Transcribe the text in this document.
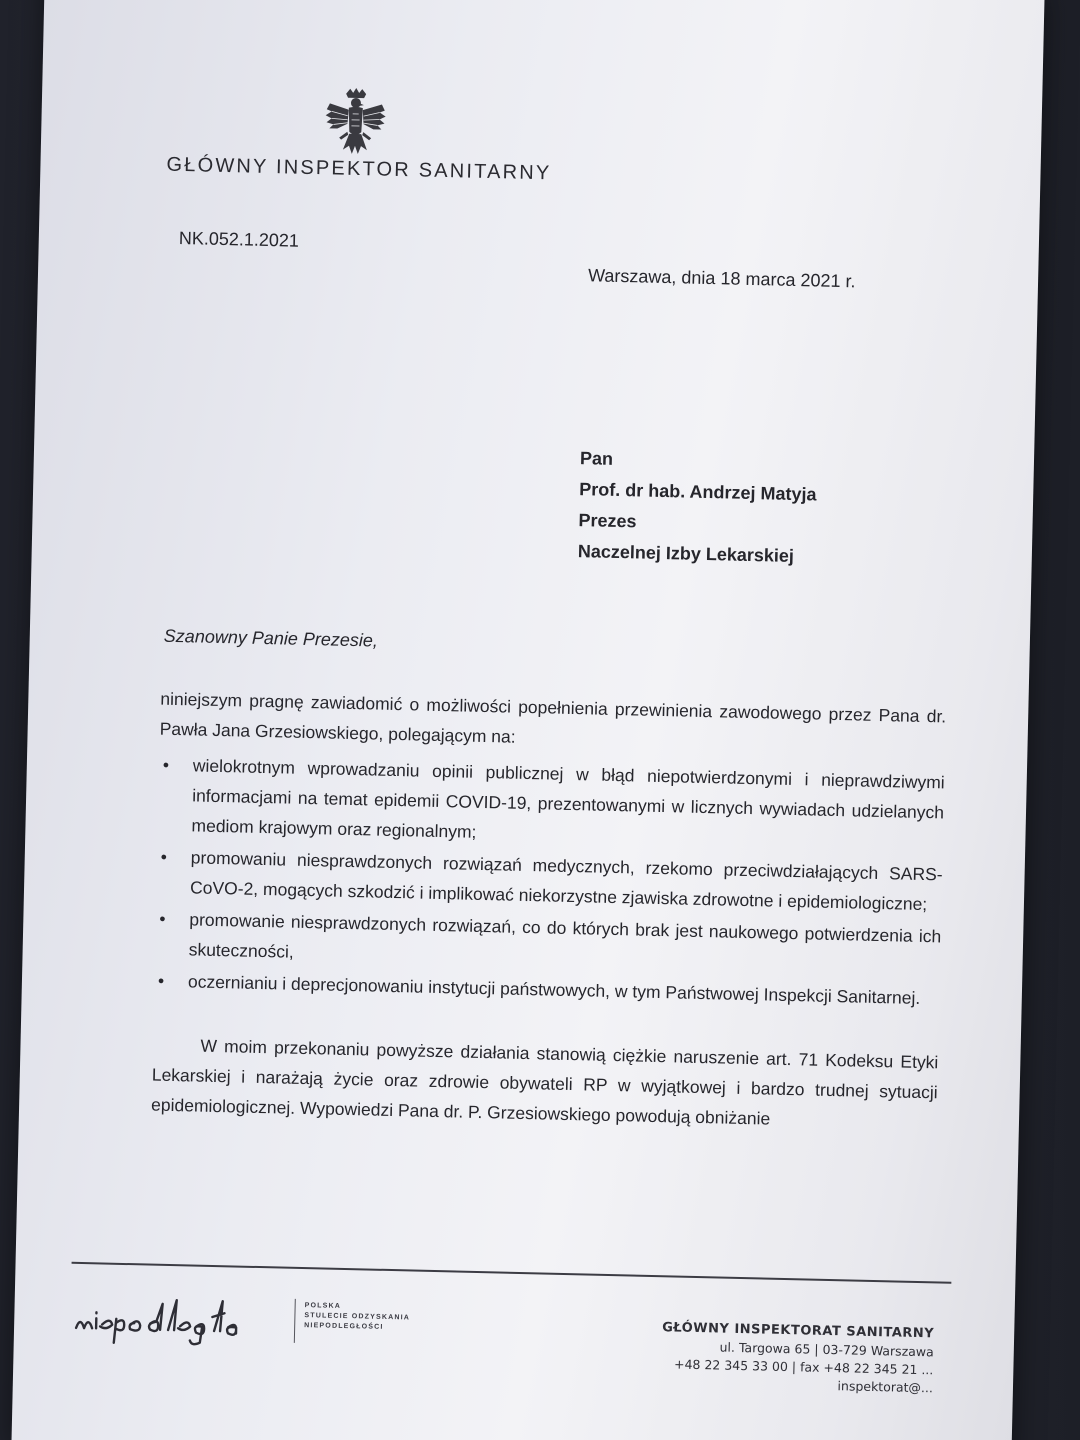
GŁÓWNY INSPEKTOR SANITARNY
NK.052.1.2021
Warszawa, dnia 18 marca 2021 r.
Pan
Prof. dr hab. Andrzej Matyja
Prezes
Naczelnej Izby Lekarskiej
Szanowny Panie Prezesie,
niniejszym pragnę zawiadomić o możliwości popełnienia przewinienia zawodowego przez Pana dr. Pawła Jana Grzesiowskiego, polegającym na:
• wielokrotnym wprowadzaniu opinii publicznej w błąd niepotwierdzonymi i nieprawdziwymi informacjami na temat epidemii COVID-19, prezentowanymi w licznych wywiadach udzielanych mediom krajowym oraz regionalnym;
• promowaniu niesprawdzonych rozwiązań medycznych, rzekomo przeciwdziałających SARS-CoVO-2, mogących szkodzić i implikować niekorzystne zjawiska zdrowotne i epidemiologiczne;
• promowanie niesprawdzonych rozwiązań, co do których brak jest naukowego potwierdzenia ich skuteczności,
• oczernianiu i deprecjonowaniu instytucji państwowych, w tym Państwowej Inspekcji Sanitarnej.
W moim przekonaniu powyższe działania stanowią ciężkie naruszenie art. 71 Kodeksu Etyki Lekarskiej i narażają życie oraz zdrowie obywateli RP w wyjątkowej i bardzo trudnej sytuacji epidemiologicznej. Wypowiedzi Pana dr. P. Grzesiowskiego powodują obniżanie
POLSKA
STULECIE ODZYSKANIA
NIEPODLEGŁOŚCI	GŁÓWNY INSPEKTORAT SANITARNY
ul. Targowa 65 | 03-729 Warszawa
+48 22 345 33 00 | fax +48 22 345 21 ...
inspektorat@...
